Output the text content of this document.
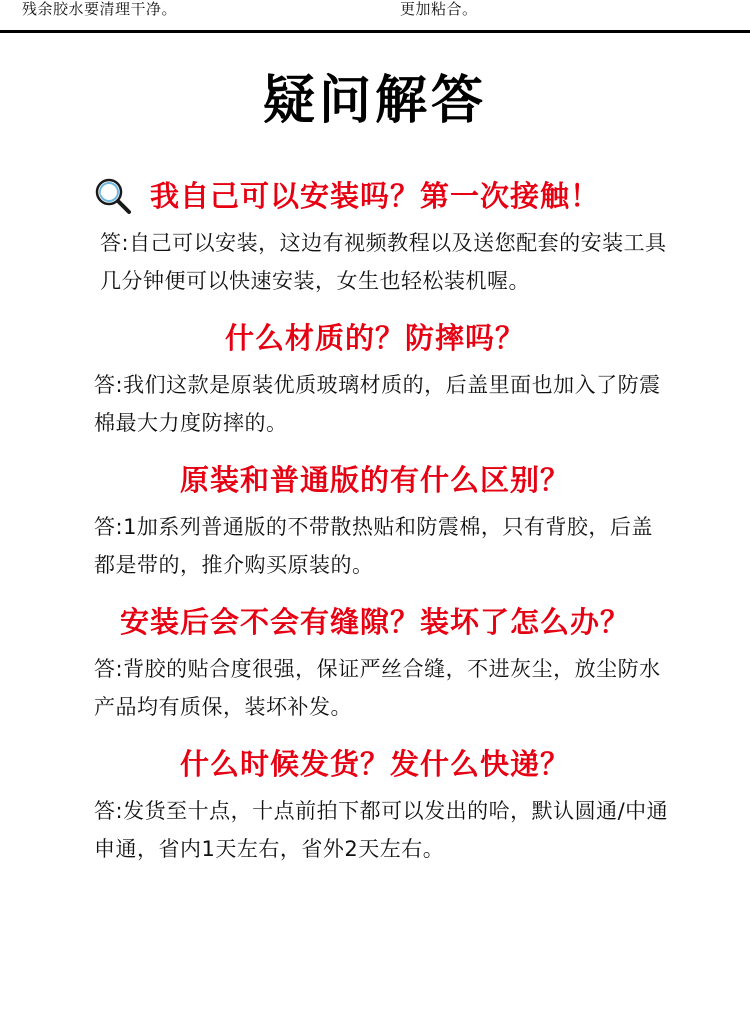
残余胶水要清理干净。	更加粘合。
疑问解答
我自己可以安装吗？第一次接触！
答:自己可以安装，这边有视频教程以及送您配套的安装工具几分钟便可以快速安装，女生也轻松装机喔。
什么材质的？防摔吗？
答:我们这款是原装优质玻璃材质的，后盖里面也加入了防震棉最大力度防摔的。
原装和普通版的有什么区别？
答:1加系列普通版的不带散热贴和防震棉，只有背胶，后盖都是带的，推介购买原装的。
安装后会不会有缝隙？装坏了怎么办？
答:背胶的贴合度很强，保证严丝合缝，不进灰尘，放尘防水产品均有质保，装坏补发。
什么时候发货？发什么快递？
答:发货至十点，十点前拍下都可以发出的哈，默认圆通/中通申通，省内1天左右，省外2天左右。
